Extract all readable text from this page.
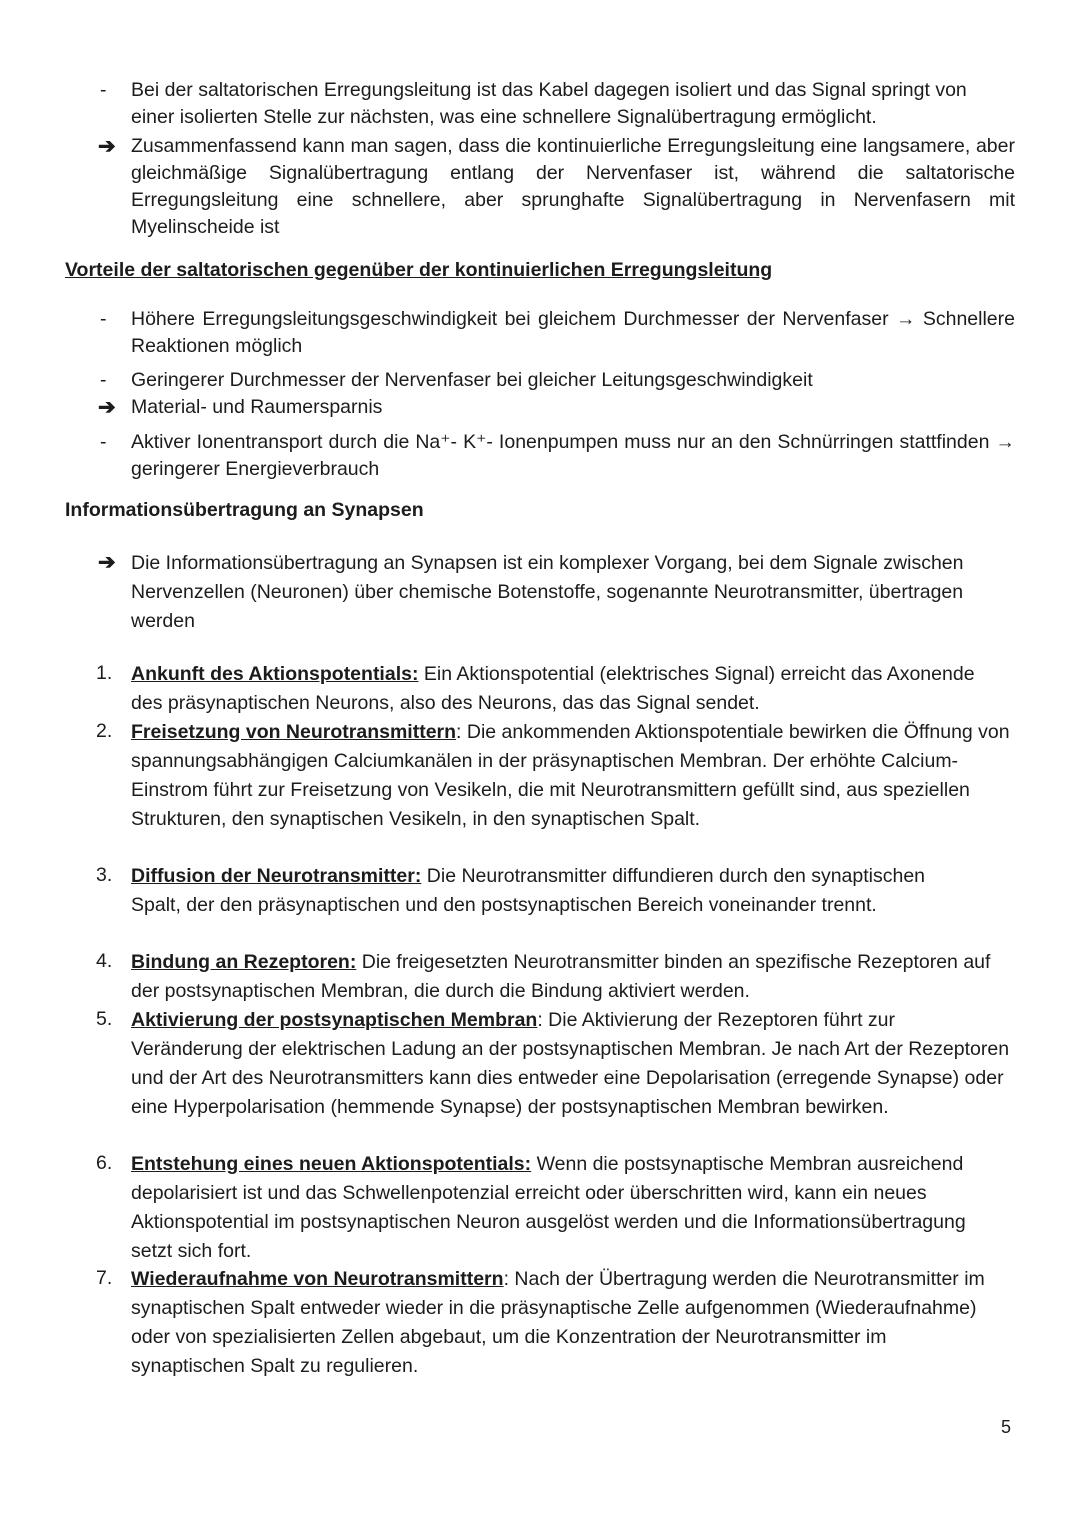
-	Bei der saltatorischen Erregungsleitung ist das Kabel dagegen isoliert und das Signal springt von einer isolierten Stelle zur nächsten, was eine schnellere Signalübertragung ermöglicht.

➔ Zusammenfassend kann man sagen, dass die kontinuierliche Erregungsleitung eine langsamere, aber gleichmäßige Signalübertragung entlang der Nervenfaser ist, während die saltatorische Erregungsleitung eine schnellere, aber sprunghafte Signalübertragung in Nervenfasern mit Myelinscheide ist

Vorteile der saltatorischen gegenüber der kontinuierlichen Erregungsleitung
-	Höhere Erregungsleitungsgeschwindigkeit bei gleichem Durchmesser der Nervenfaser → Schnellere Reaktionen möglich

-	Geringerer Durchmesser der Nervenfaser bei gleicher Leitungsgeschwindigkeit

➔ Material- und Raumersparnis

-	Aktiver Ionentransport durch die Na⁺- K⁺- Ionenpumpen muss nur an den Schnürringen stattfinden → geringerer Energieverbrauch

Informationsübertragung an Synapsen
➔ Die Informationsübertragung an Synapsen ist ein komplexer Vorgang, bei dem Signale zwischen Nervenzellen (Neuronen) über chemische Botenstoffe, sogenannte Neurotransmitter, übertragen werden

1. Ankunft des Aktionspotentials: Ein Aktionspotential (elektrisches Signal) erreicht das Axonende des präsynaptischen Neurons, also des Neurons, das das Signal sendet.

2. Freisetzung von Neurotransmittern: Die ankommenden Aktionspotentiale bewirken die Öffnung von spannungsabhängigen Calciumkanälen in der präsynaptischen Membran. Der erhöhte Calcium-Einstrom führt zur Freisetzung von Vesikeln, die mit Neurotransmittern gefüllt sind, aus speziellen Strukturen, den synaptischen Vesikeln, in den synaptischen Spalt.

3. Diffusion der Neurotransmitter: Die Neurotransmitter diffundieren durch den synaptischen Spalt, der den präsynaptischen und den postsynaptischen Bereich voneinander trennt.

4. Bindung an Rezeptoren: Die freigesetzten Neurotransmitter binden an spezifische Rezeptoren auf der postsynaptischen Membran, die durch die Bindung aktiviert werden.

5. Aktivierung der postsynaptischen Membran: Die Aktivierung der Rezeptoren führt zur Veränderung der elektrischen Ladung an der postsynaptischen Membran. Je nach Art der Rezeptoren und der Art des Neurotransmitters kann dies entweder eine Depolarisation (erregende Synapse) oder eine Hyperpolarisation (hemmende Synapse) der postsynaptischen Membran bewirken.

6. Entstehung eines neuen Aktionspotentials: Wenn die postsynaptische Membran ausreichend depolarisiert ist und das Schwellenpotenzial erreicht oder überschritten wird, kann ein neues Aktionspotential im postsynaptischen Neuron ausgelöst werden und die Informationsübertragung setzt sich fort.

7. Wiederaufnahme von Neurotransmittern: Nach der Übertragung werden die Neurotransmitter im synaptischen Spalt entweder wieder in die präsynaptische Zelle aufgenommen (Wiederaufnahme) oder von spezialisierten Zellen abgebaut, um die Konzentration der Neurotransmitter im synaptischen Spalt zu regulieren.

5
